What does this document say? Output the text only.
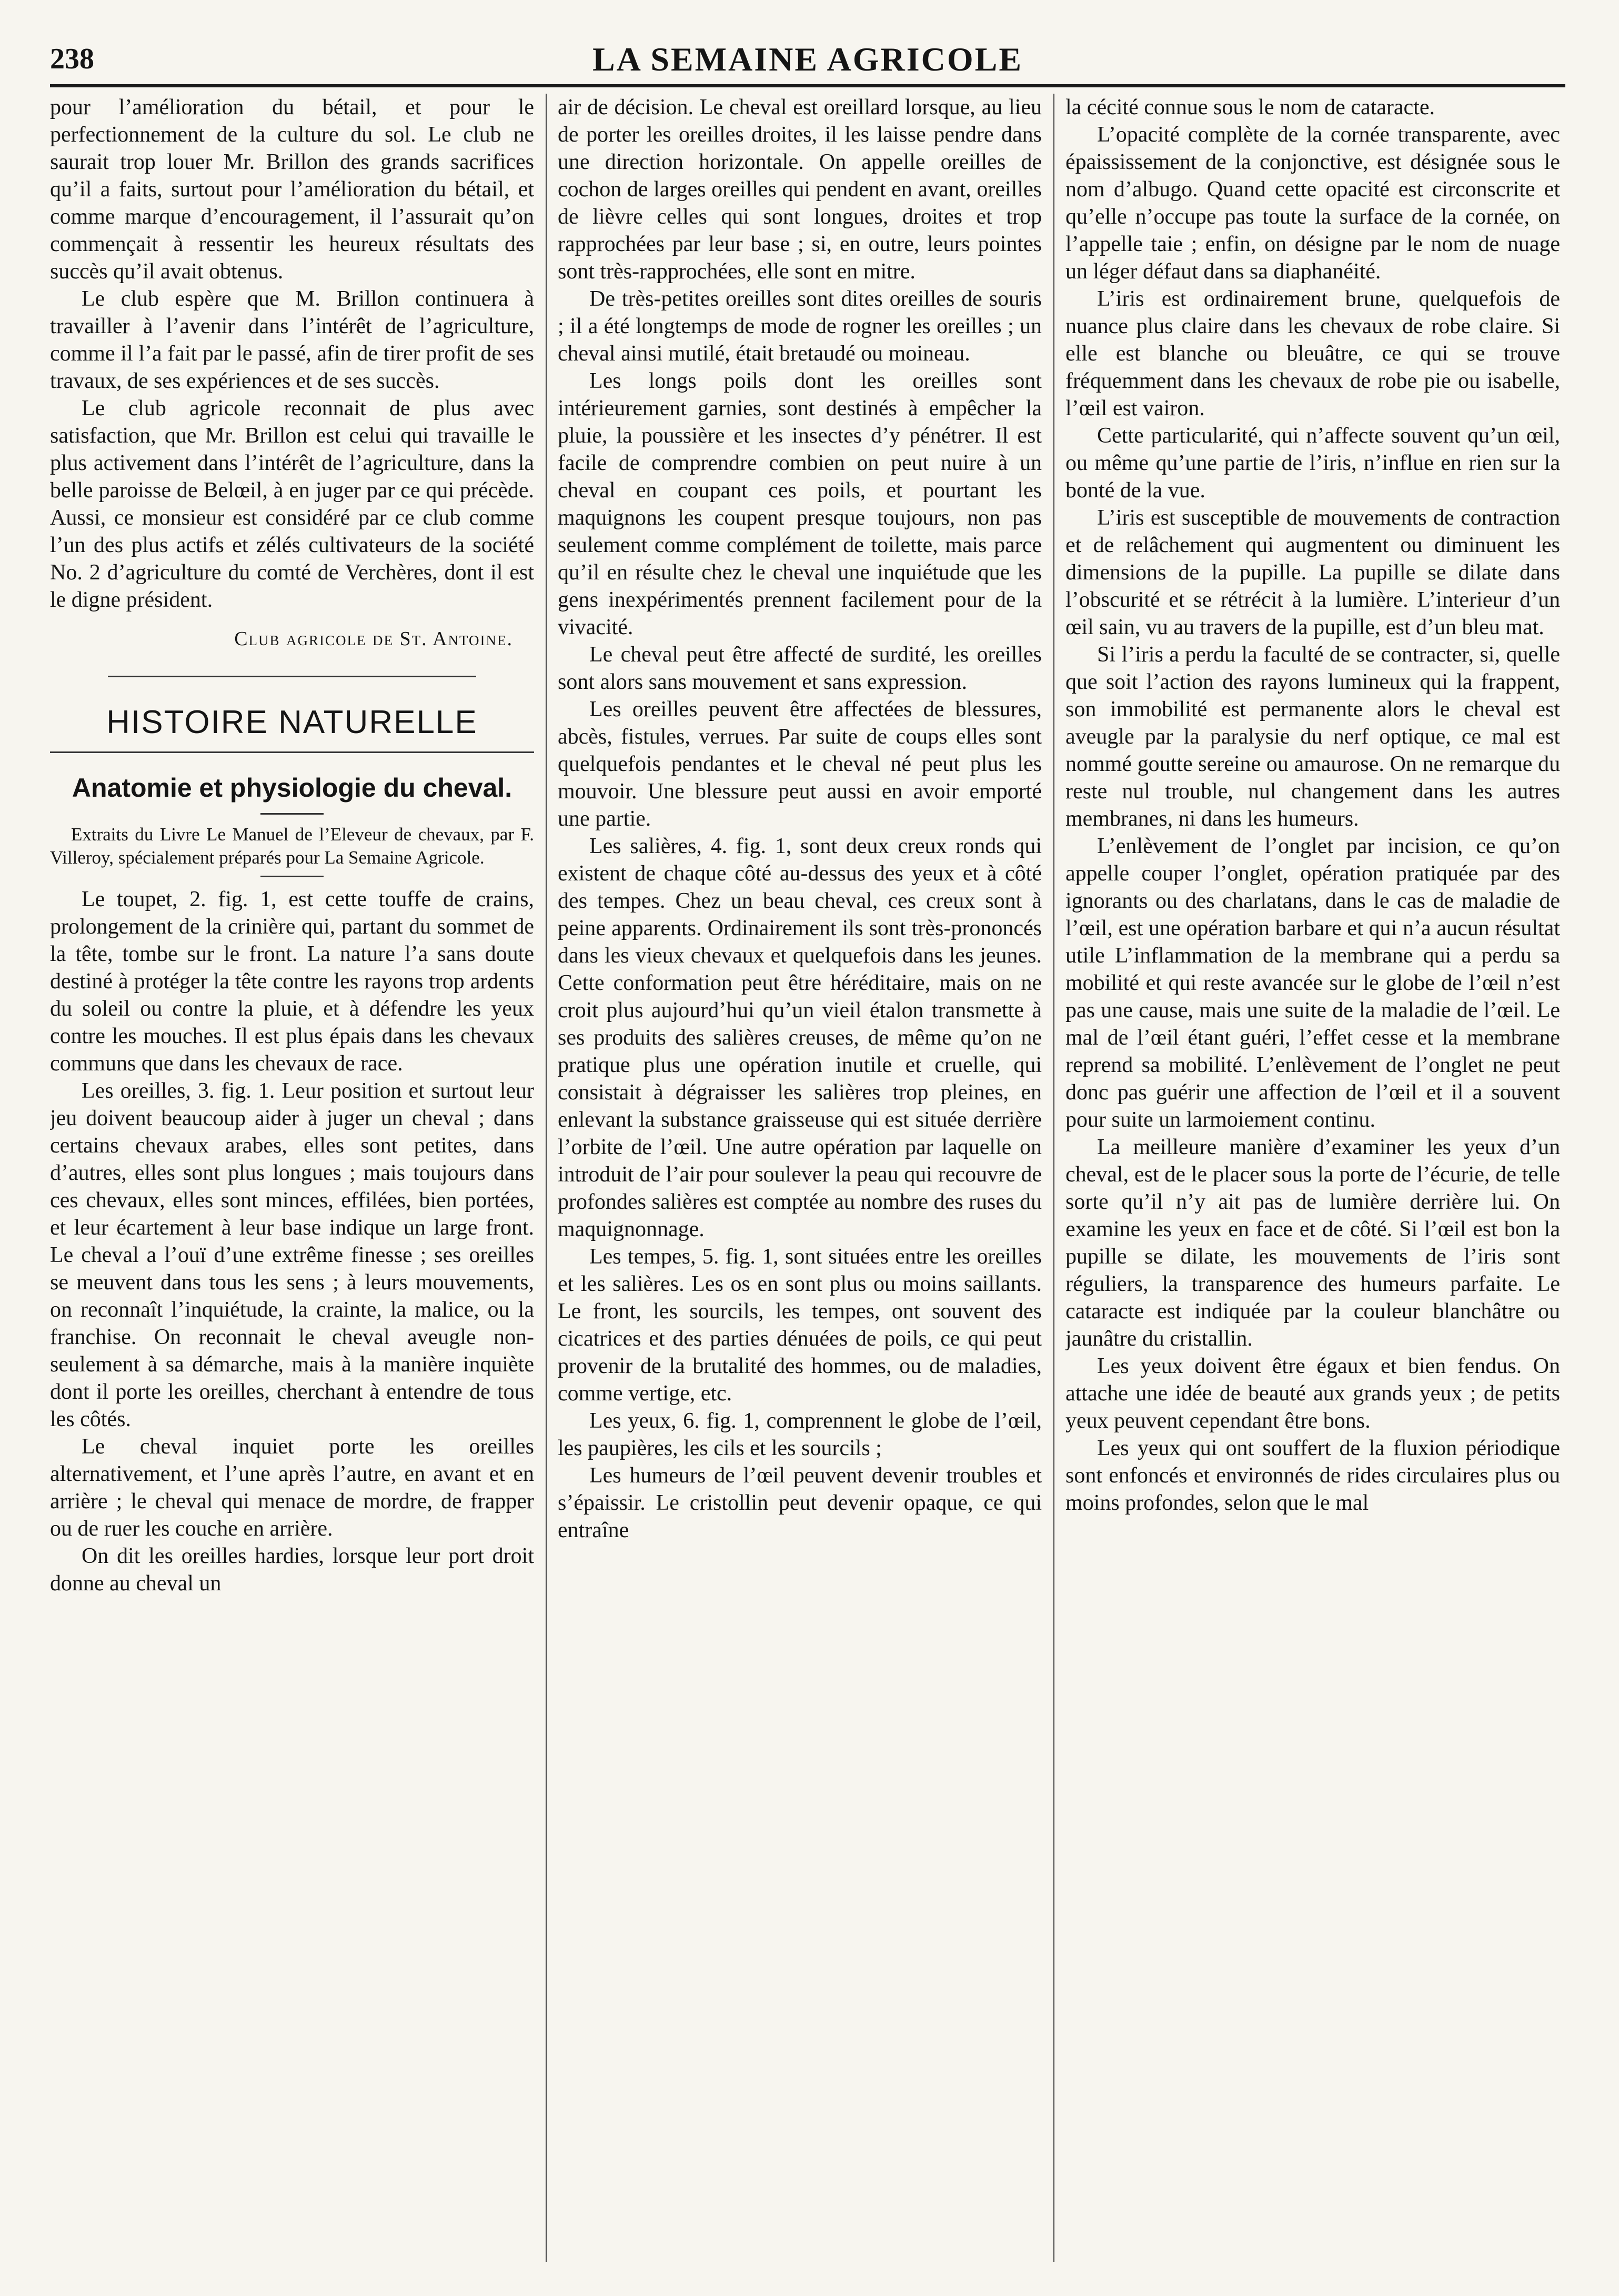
238	LA SEMAINE AGRICOLE

pour l’amélioration du bétail, et pour le perfectionnement de la culture du sol. Le club ne saurait trop louer Mr. Brillon des grands sacrifices qu’il a faits, surtout pour l’amélioration du bétail, et comme marque d’encouragement, il l’assurait qu’on commençait à ressentir les heureux résultats des succès qu’il avait obtenus.

Le club espère que M. Brillon continuera à travailler à l’avenir dans l’intérêt de l’agriculture, comme il l’a fait par le passé, afin de tirer profit de ses travaux, de ses expériences et de ses succès.

Le club agricole reconnait de plus avec satisfaction, que Mr. Brillon est celui qui travaille le plus activement dans l’intérêt de l’agriculture, dans la belle paroisse de Belœil, à en juger par ce qui précède. Aussi, ce monsieur est considéré par ce club comme l’un des plus actifs et zélés cultivateurs de la société No. 2 d’agriculture du comté de Verchères, dont il est le digne président.

Club agricole de St. Antoine.
HISTOIRE NATURELLE
Anatomie et physiologie du cheval.

Extraits du Livre Le Manuel de l’Eleveur de chevaux, par F. Villeroy, spécialement préparés pour La Semaine Agricole.

Le toupet, 2. fig. 1, est cette touffe de crains, prolongement de la crinière qui, partant du sommet de la tête, tombe sur le front. La nature l’a sans doute destiné à protéger la tête contre les rayons trop ardents du soleil ou contre la pluie, et à défendre les yeux contre les mouches. Il est plus épais dans les chevaux communs que dans les chevaux de race.

Les oreilles, 3. fig. 1. Leur position et surtout leur jeu doivent beaucoup aider à juger un cheval ; dans certains chevaux arabes, elles sont petites, dans d’autres, elles sont plus longues ; mais toujours dans ces chevaux, elles sont minces, effilées, bien portées, et leur écartement à leur base indique un large front. Le cheval a l’ouï d’une extrême finesse ; ses oreilles se meuvent dans tous les sens ; à leurs mouvements, on reconnaît l’inquiétude, la crainte, la malice, ou la franchise. On reconnait le cheval aveugle non-seulement à sa démarche, mais à la manière inquiète dont il porte les oreilles, cherchant à entendre de tous les côtés.

Le cheval inquiet porte les oreilles alternativement, et l’une après l’autre, en avant et en arrière ; le cheval qui menace de mordre, de frapper ou de ruer les couche en arrière.

On dit les oreilles hardies, lorsque leur port droit donne au cheval un

air de décision. Le cheval est oreillard lorsque, au lieu de porter les oreilles droites, il les laisse pendre dans une direction horizontale. On appelle oreilles de cochon de larges oreilles qui pendent en avant, oreilles de lièvre celles qui sont longues, droites et trop rapprochées par leur base ; si, en outre, leurs pointes sont très-rapprochées, elle sont en mitre.

De très-petites oreilles sont dites oreilles de souris ; il a été longtemps de mode de rogner les oreilles ; un cheval ainsi mutilé, était bretaudé ou moineau.

Les longs poils dont les oreilles sont intérieurement garnies, sont destinés à empêcher la pluie, la poussière et les insectes d’y pénétrer. Il est facile de comprendre combien on peut nuire à un cheval en coupant ces poils, et pourtant les maquignons les coupent presque toujours, non pas seulement comme complément de toilette, mais parce qu’il en résulte chez le cheval une inquiétude que les gens inexpérimentés prennent facilement pour de la vivacité.

Le cheval peut être affecté de surdité, les oreilles sont alors sans mouvement et sans expression.

Les oreilles peuvent être affectées de blessures, abcès, fistules, verrues. Par suite de coups elles sont quelquefois pendantes et le cheval né peut plus les mouvoir. Une blessure peut aussi en avoir emporté une partie.

Les salières, 4. fig. 1, sont deux creux ronds qui existent de chaque côté au-dessus des yeux et à côté des tempes. Chez un beau cheval, ces creux sont à peine apparents. Ordinairement ils sont très-prononcés dans les vieux chevaux et quelquefois dans les jeunes. Cette conformation peut être héréditaire, mais on ne croit plus aujourd’hui qu’un vieil étalon transmette à ses produits des salières creuses, de même qu’on ne pratique plus une opération inutile et cruelle, qui consistait à dégraisser les salières trop pleines, en enlevant la substance graisseuse qui est située derrière l’orbite de l’œil. Une autre opération par laquelle on introduit de l’air pour soulever la peau qui recouvre de profondes salières est comptée au nombre des ruses du maquignonnage.

Les tempes, 5. fig. 1, sont situées entre les oreilles et les salières. Les os en sont plus ou moins saillants. Le front, les sourcils, les tempes, ont souvent des cicatrices et des parties dénuées de poils, ce qui peut provenir de la brutalité des hommes, ou de maladies, comme vertige, etc.

Les yeux, 6. fig. 1, comprennent le globe de l’œil, les paupières, les cils et les sourcils ;

Les humeurs de l’œil peuvent devenir troubles et s’épaissir. Le cristollin peut devenir opaque, ce qui entraîne

la cécité connue sous le nom de cataracte.

L’opacité complète de la cornée transparente, avec épaississement de la conjonctive, est désignée sous le nom d’albugo. Quand cette opacité est circonscrite et qu’elle n’occupe pas toute la surface de la cornée, on l’appelle taie ; enfin, on désigne par le nom de nuage un léger défaut dans sa diaphanéité.

L’iris est ordinairement brune, quelquefois de nuance plus claire dans les chevaux de robe claire. Si elle est blanche ou bleuâtre, ce qui se trouve fréquemment dans les chevaux de robe pie ou isabelle, l’œil est vairon.

Cette particularité, qui n’affecte souvent qu’un œil, ou même qu’une partie de l’iris, n’influe en rien sur la bonté de la vue.

L’iris est susceptible de mouvements de contraction et de relâchement qui augmentent ou diminuent les dimensions de la pupille. La pupille se dilate dans l’obscurité et se rétrécit à la lumière. L’interieur d’un œil sain, vu au travers de la pupille, est d’un bleu mat.

Si l’iris a perdu la faculté de se contracter, si, quelle que soit l’action des rayons lumineux qui la frappent, son immobilité est permanente alors le cheval est aveugle par la paralysie du nerf optique, ce mal est nommé goutte sereine ou amaurose. On ne remarque du reste nul trouble, nul changement dans les autres membranes, ni dans les humeurs.

L’enlèvement de l’onglet par incision, ce qu’on appelle couper l’onglet, opération pratiquée par des ignorants ou des charlatans, dans le cas de maladie de l’œil, est une opération barbare et qui n’a aucun résultat utile L’inflammation de la membrane qui a perdu sa mobilité et qui reste avancée sur le globe de l’œil n’est pas une cause, mais une suite de la maladie de l’œil. Le mal de l’œil étant guéri, l’effet cesse et la membrane reprend sa mobilité. L’enlèvement de l’onglet ne peut donc pas guérir une affection de l’œil et il a souvent pour suite un larmoiement continu.

La meilleure manière d’examiner les yeux d’un cheval, est de le placer sous la porte de l’écurie, de telle sorte qu’il n’y ait pas de lumière derrière lui. On examine les yeux en face et de côté. Si l’œil est bon la pupille se dilate, les mouvements de l’iris sont réguliers, la transparence des humeurs parfaite. Le cataracte est indiquée par la couleur blanchâtre ou jaunâtre du cristallin.

Les yeux doivent être égaux et bien fendus. On attache une idée de beauté aux grands yeux ; de petits yeux peuvent cependant être bons.

Les yeux qui ont souffert de la fluxion périodique sont enfoncés et environnés de rides circulaires plus ou moins profondes, selon que le mal
